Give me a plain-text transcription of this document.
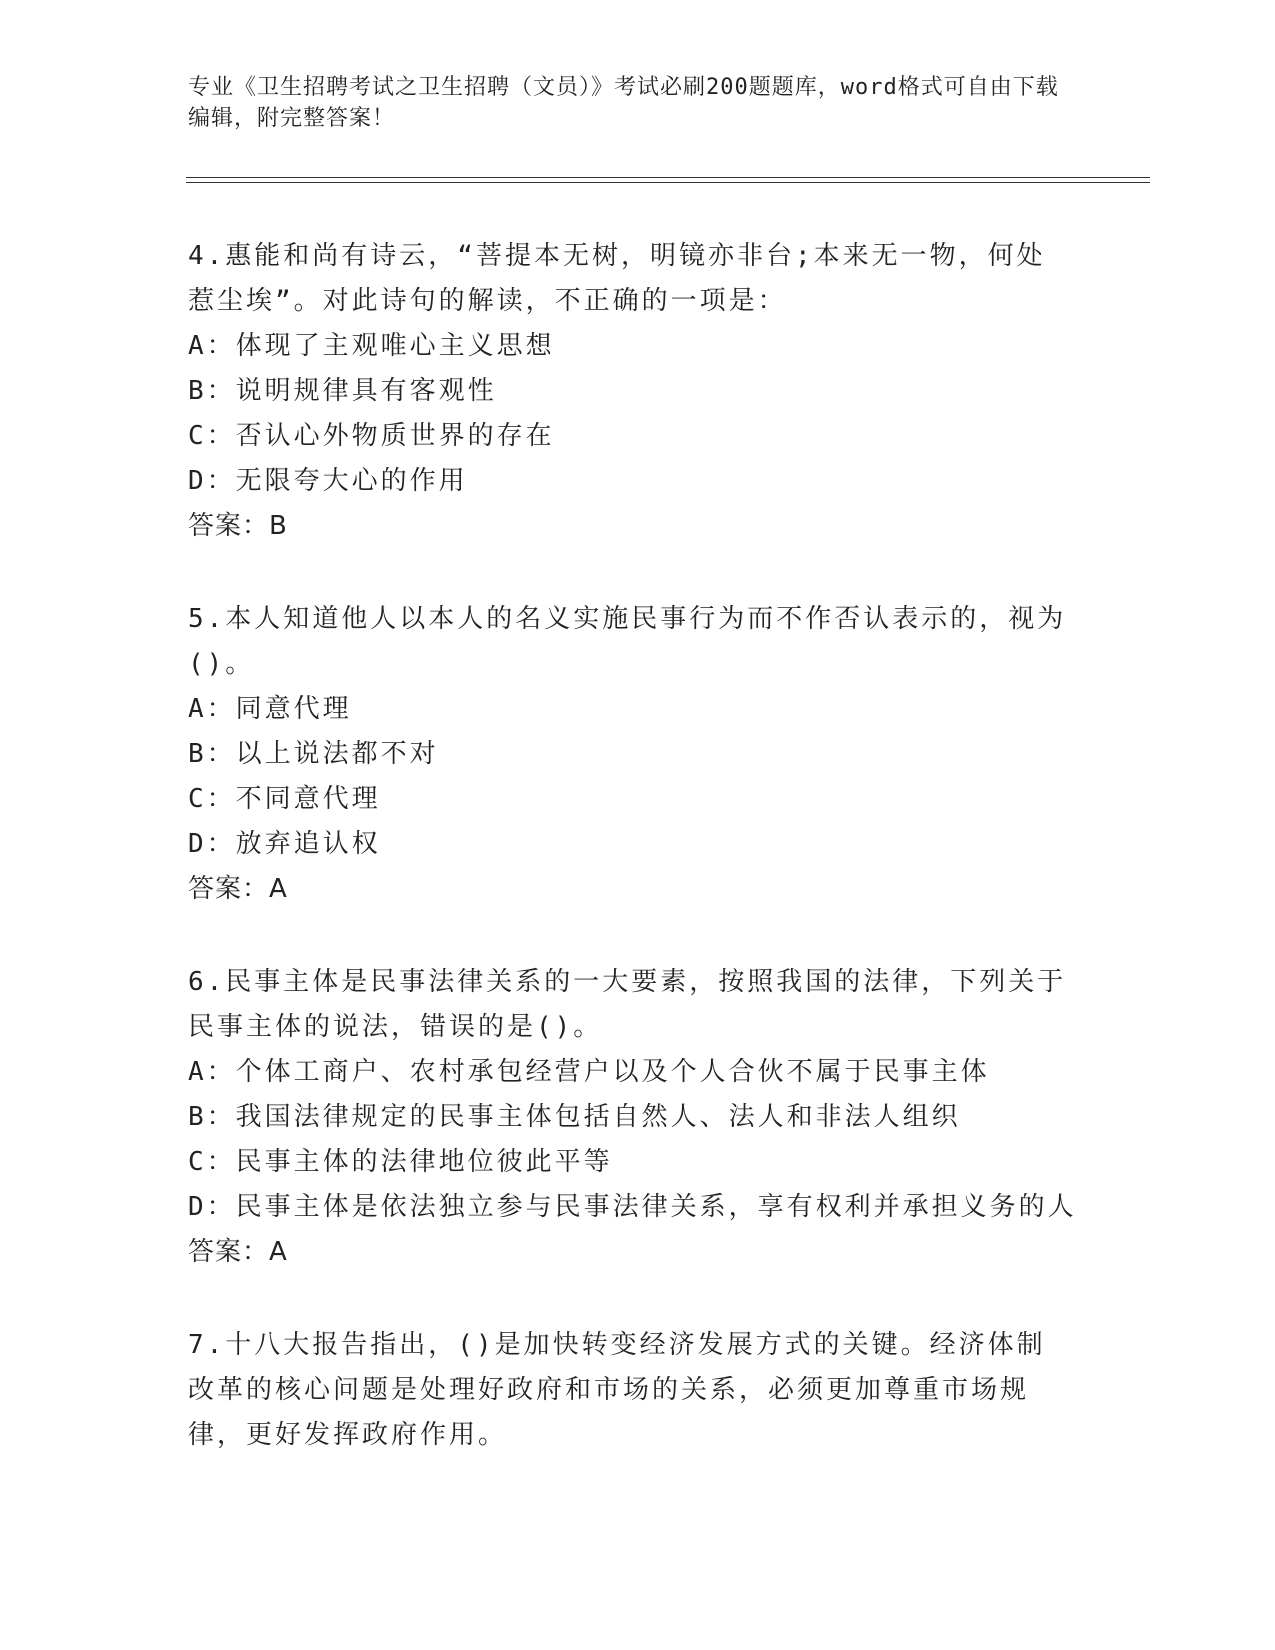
专业《卫生招聘考试之卫生招聘（文员）》考试必刷200题题库，word格式可自由下载编辑，附完整答案！

4.惠能和尚有诗云，“菩提本无树，明镜亦非台;本来无一物，何处惹尘埃”。对此诗句的解读，不正确的一项是：

A：体现了主观唯心主义思想

B：说明规律具有客观性

C：否认心外物质世界的存在

D：无限夸大心的作用

答案：B

5.本人知道他人以本人的名义实施民事行为而不作否认表示的，视为()。

A：同意代理

B：以上说法都不对

C：不同意代理

D：放弃追认权

答案：A

6.民事主体是民事法律关系的一大要素，按照我国的法律，下列关于民事主体的说法，错误的是()。

A：个体工商户、农村承包经营户以及个人合伙不属于民事主体

B：我国法律规定的民事主体包括自然人、法人和非法人组织

C：民事主体的法律地位彼此平等

D：民事主体是依法独立参与民事法律关系，享有权利并承担义务的人

答案：A

7.十八大报告指出，()是加快转变经济发展方式的关键。经济体制改革的核心问题是处理好政府和市场的关系，必须更加尊重市场规律，更好发挥政府作用。
